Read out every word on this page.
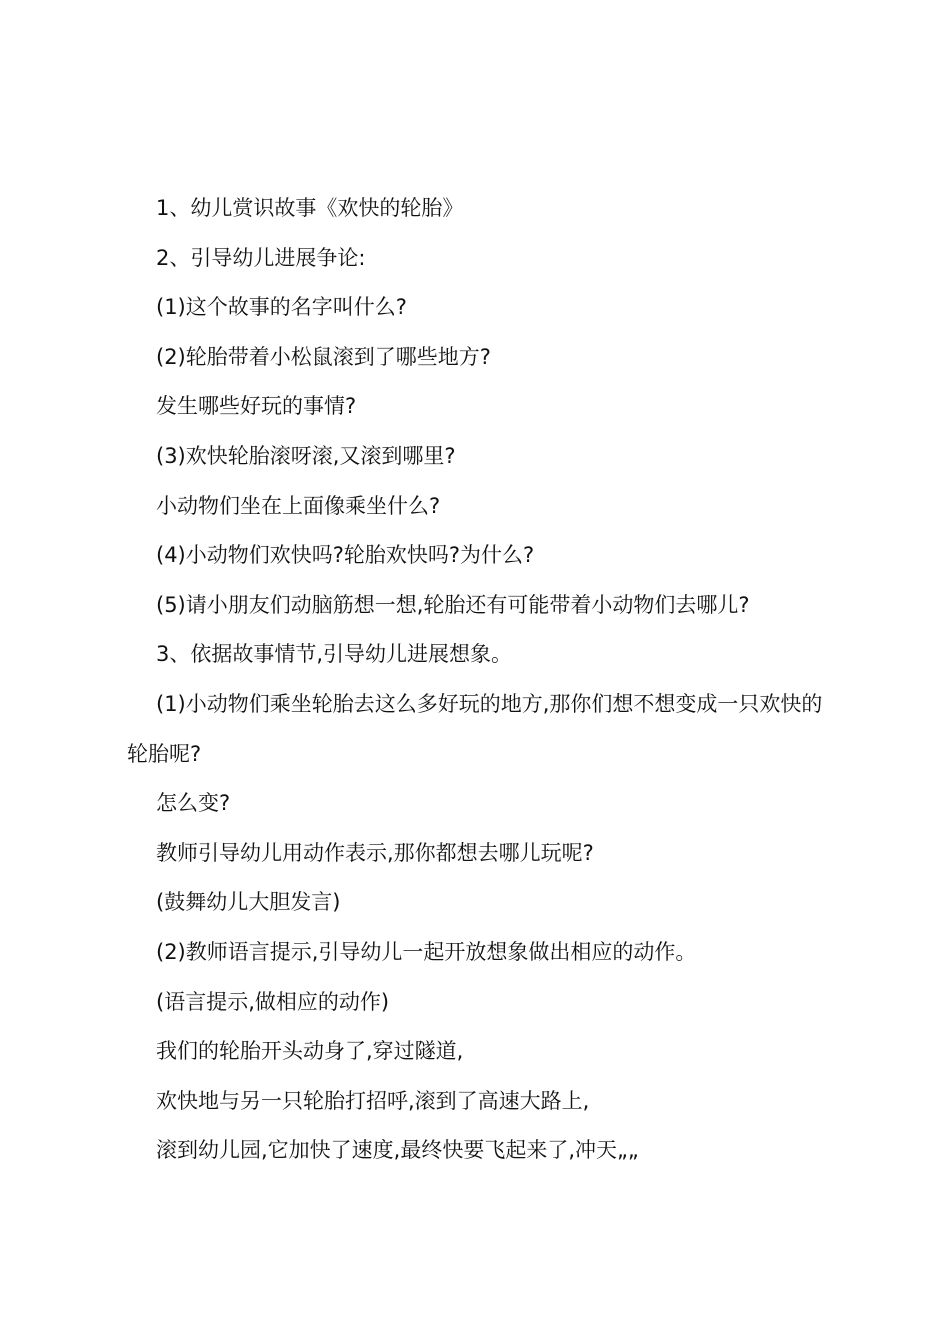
1、幼儿赏识故事《欢快的轮胎》
2、引导幼儿进展争论:
(1)这个故事的名字叫什么?
(2)轮胎带着小松鼠滚到了哪些地方?
发生哪些好玩的事情?
(3)欢快轮胎滚呀滚,又滚到哪里?
小动物们坐在上面像乘坐什么?
(4)小动物们欢快吗?轮胎欢快吗?为什么?
(5)请小朋友们动脑筋想一想,轮胎还有可能带着小动物们去哪儿?
3、依据故事情节,引导幼儿进展想象。
(1)小动物们乘坐轮胎去这么多好玩的地方,那你们想不想变成一只欢快的轮胎呢?
怎么变?
教师引导幼儿用动作表示,那你都想去哪儿玩呢?
(鼓舞幼儿大胆发言)
(2)教师语言提示,引导幼儿一起开放想象做出相应的动作。
(语言提示,做相应的动作)
我们的轮胎开头动身了,穿过隧道,
欢快地与另一只轮胎打招呼,滚到了高速大路上,
滚到幼儿园,它加快了速度,最终快要飞起来了,冲天„„
